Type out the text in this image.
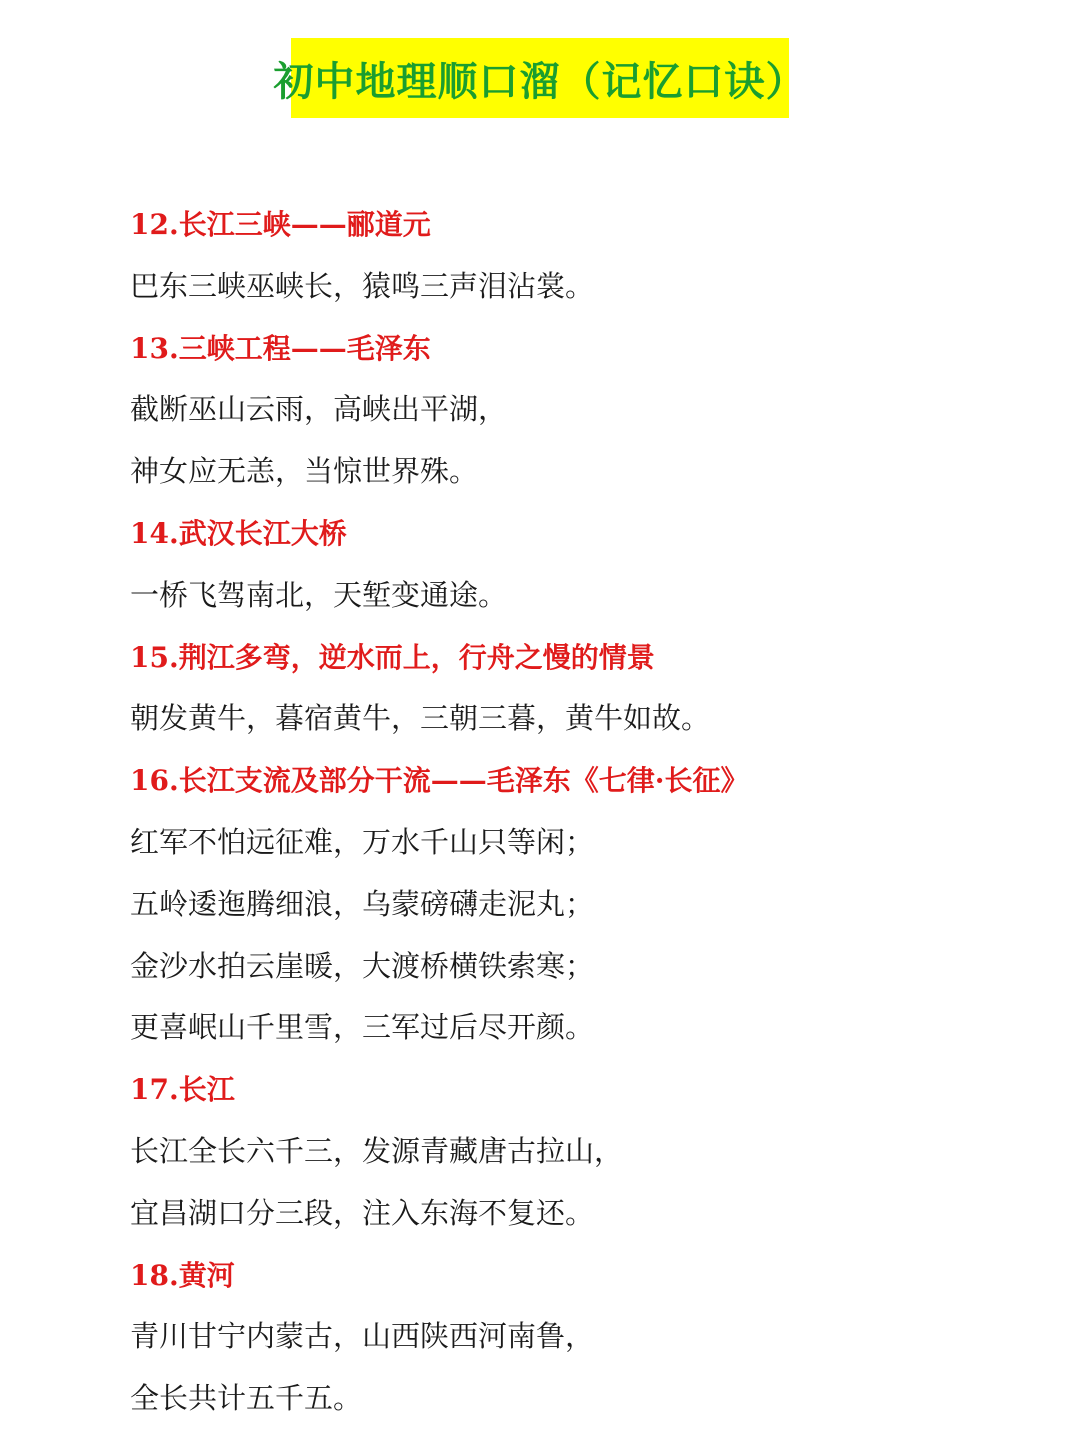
初中地理顺口溜（记忆口诀）
12.长江三峡——郦道元
巴东三峡巫峡长，猿鸣三声泪沾裳。
13.三峡工程——毛泽东
截断巫山云雨，高峡出平湖，
神女应无恙，当惊世界殊。
14.武汉长江大桥
一桥飞驾南北，天堑变通途。
15.荆江多弯，逆水而上，行舟之慢的情景
朝发黄牛，暮宿黄牛，三朝三暮，黄牛如故。
16.长江支流及部分干流——毛泽东《七律·长征》
红军不怕远征难，万水千山只等闲；
五岭逶迤腾细浪，乌蒙磅礴走泥丸；
金沙水拍云崖暖，大渡桥横铁索寒；
更喜岷山千里雪，三军过后尽开颜。
17.长江
长江全长六千三，发源青藏唐古拉山，
宜昌湖口分三段，注入东海不复还。
18.黄河
青川甘宁内蒙古，山西陕西河南鲁，
全长共计五千五。
